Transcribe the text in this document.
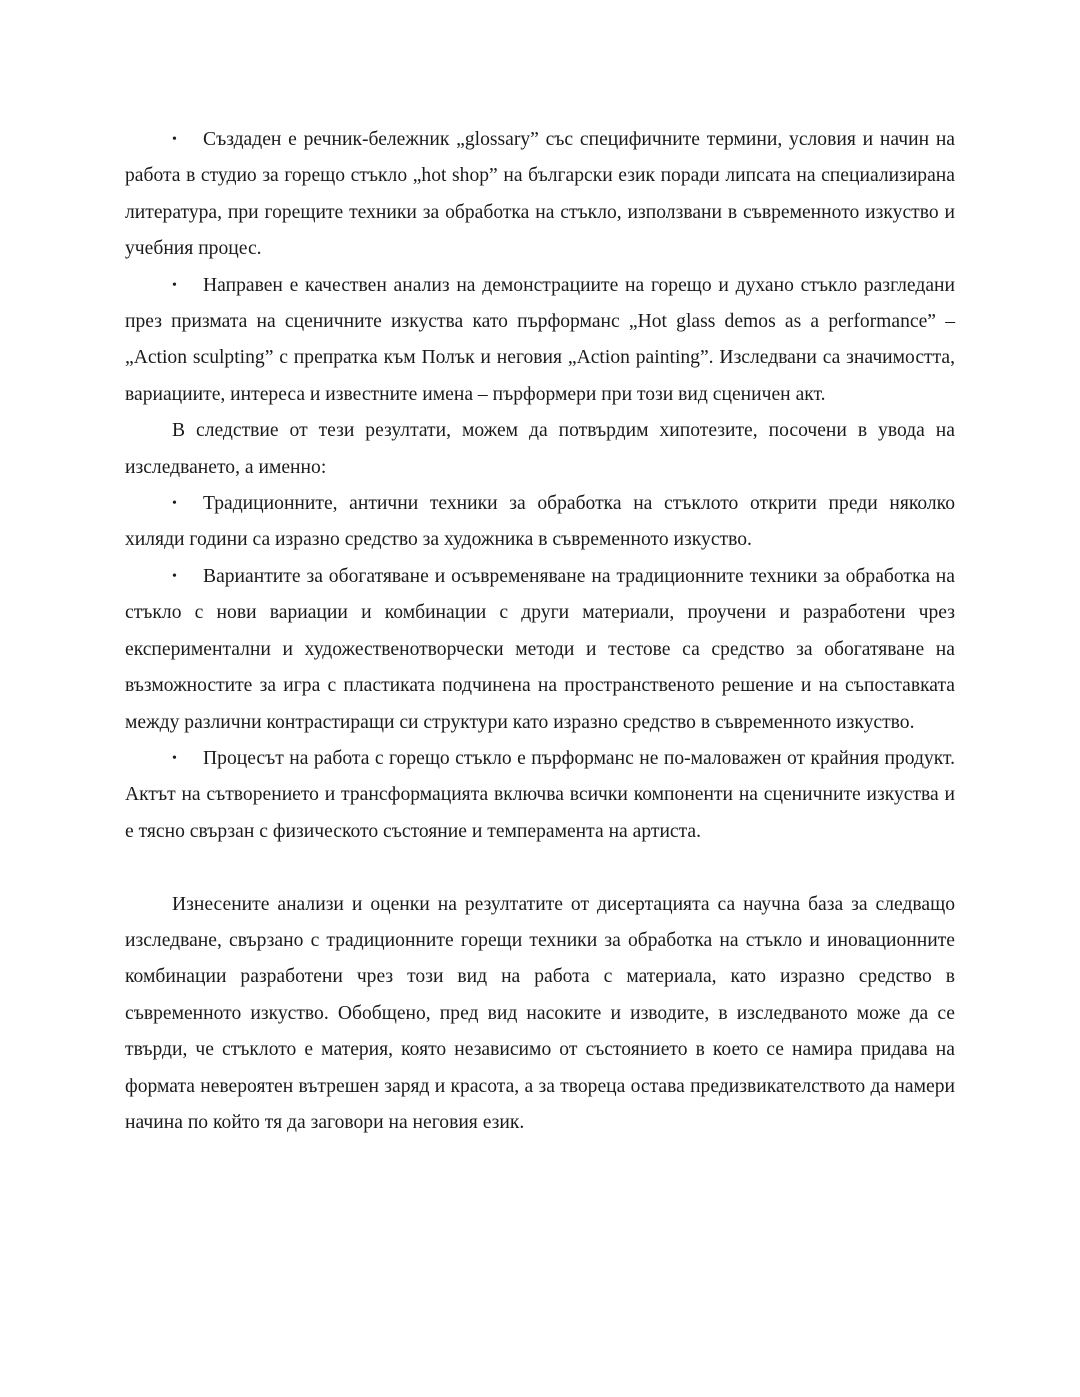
• Създаден е речник-бележник „glossary” със специфичните термини, условия и начин на работа в студио за горещо стъкло „hot shop” на български език поради липсата на специализирана литература, при горещите техники за обработка на стъкло, използвани в съвременното изкуство и учебния процес.

• Направен е качествен анализ на демонстрациите на горещо и духано стъкло разгледани през призмата на сценичните изкуства като пърформанс „Hot glass demos as a performance” – „Action sculpting” с препратка към Полък и неговия „Action painting”. Изследвани са значимостта, вариациите, интереса и известните имена – пърформери при този вид сценичен акт.

В следствие от тези резултати, можем да потвърдим хипотезите, посочени в увода на изследването, а именно:

• Традиционните, антични техники за обработка на стъклото открити преди няколко хиляди години са изразно средство за художника в съвременното изкуство.

• Вариантите за обогатяване и осъвременяване на традиционните техники за обработка на стъкло с нови вариации и комбинации с други материали, проучени и разработени чрез експериментални и художественотворчески методи и тестове са средство за обогатяване на възможностите за игра с пластиката подчинена на пространственото решение и на съпоставката между различни контрастиращи си структури като изразно средство в съвременното изкуство.

• Процесът на работа с горещо стъкло е пърформанс не по-маловажен от крайния продукт. Актът на сътворението и трансформацията включва всички компоненти на сценичните изкуства и е тясно свързан с физическото състояние и темперамента на артиста.

Изнесените анализи и оценки на резултатите от дисертацията са научна база за следващо изследване, свързано с традиционните горещи техники за обработка на стъкло и иновационните комбинации разработени чрез този вид на работа с материала, като изразно средство в съвременното изкуство. Обобщено, пред вид насоките и изводите, в изследваното може да се твърди, че стъклото е материя, която независимо от състоянието в което се намира придава на формата невероятен вътрешен заряд и красота, а за твореца остава предизвикателството да намери начина по който тя да заговори на неговия език.
